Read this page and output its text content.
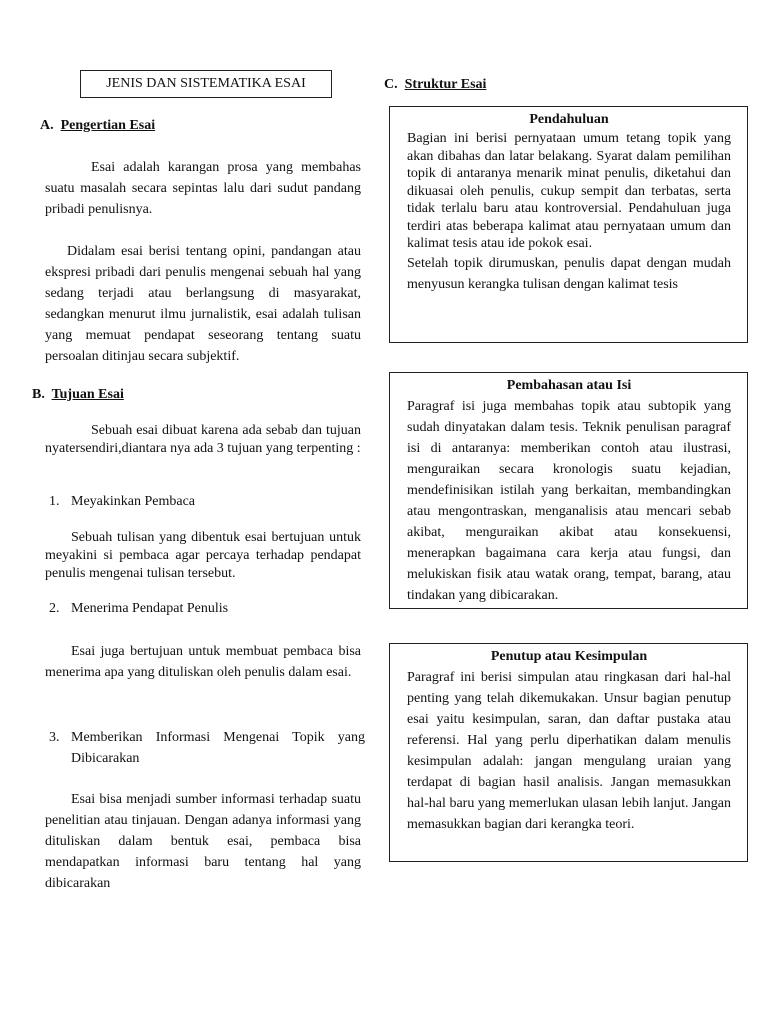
JENIS DAN SISTEMATIKA ESAI
A. Pengertian Esai

Esai adalah karangan prosa yang membahas suatu masalah secara sepintas lalu dari sudut pandang pribadi penulisnya.

Didalam esai berisi tentang opini, pandangan atau ekspresi pribadi dari penulis mengenai sebuah hal yang sedang terjadi atau berlangsung di masyarakat, sedangkan menurut ilmu jurnalistik, esai adalah tulisan yang memuat pendapat seseorang tentang suatu persoalan ditinjau secara subjektif.

B. Tujuan Esai

Sebuah esai dibuat karena ada sebab dan tujuan nyatersendiri,diantara nya ada 3 tujuan yang terpenting :

1. Meyakinkan Pembaca

Sebuah tulisan yang dibentuk esai bertujuan untuk meyakini si pembaca agar percaya terhadap pendapat penulis mengenai tulisan tersebut.

2. Menerima Pendapat Penulis

Esai juga bertujuan untuk membuat pembaca bisa menerima apa yang dituliskan oleh penulis dalam esai.

3. Memberikan Informasi Mengenai Topik yang Dibicarakan

Esai bisa menjadi sumber informasi terhadap suatu penelitian atau tinjauan. Dengan adanya informasi yang dituliskan dalam bentuk esai, pembaca bisa mendapatkan informasi baru tentang hal yang dibicarakan

C. Struktur Esai
Pendahuluan

Bagian ini berisi pernyataan umum tetang topik yang akan dibahas dan latar belakang. Syarat dalam pemilihan topik di antaranya menarik minat penulis, diketahui dan dikuasai oleh penulis, cukup sempit dan terbatas, serta tidak terlalu baru atau kontroversial. Pendahuluan juga terdiri atas beberapa kalimat atau pernyataan umum dan kalimat tesis atau ide pokok esai.

Setelah topik dirumuskan, penulis dapat dengan mudah menyusun kerangka tulisan dengan kalimat tesis

Pembahasan atau Isi

Paragraf isi juga membahas topik atau subtopik yang sudah dinyatakan dalam tesis. Teknik penulisan paragraf isi di antaranya: memberikan contoh atau ilustrasi, menguraikan secara kronologis suatu kejadian, mendefinisikan istilah yang berkaitan, membandingkan atau mengontraskan, menganalisis atau mencari sebab akibat, menguraikan akibat atau konsekuensi, menerapkan bagaimana cara kerja atau fungsi, dan melukiskan fisik atau watak orang, tempat, barang, atau tindakan yang dibicarakan.

Penutup atau Kesimpulan

Paragraf ini berisi simpulan atau ringkasan dari hal-hal penting yang telah dikemukakan. Unsur bagian penutup esai yaitu kesimpulan, saran, dan daftar pustaka atau referensi. Hal yang perlu diperhatikan dalam menulis kesimpulan adalah: jangan mengulang uraian yang terdapat di bagian hasil analisis. Jangan memasukkan hal-hal baru yang memerlukan ulasan lebih lanjut. Jangan memasukkan bagian dari kerangka teori.
